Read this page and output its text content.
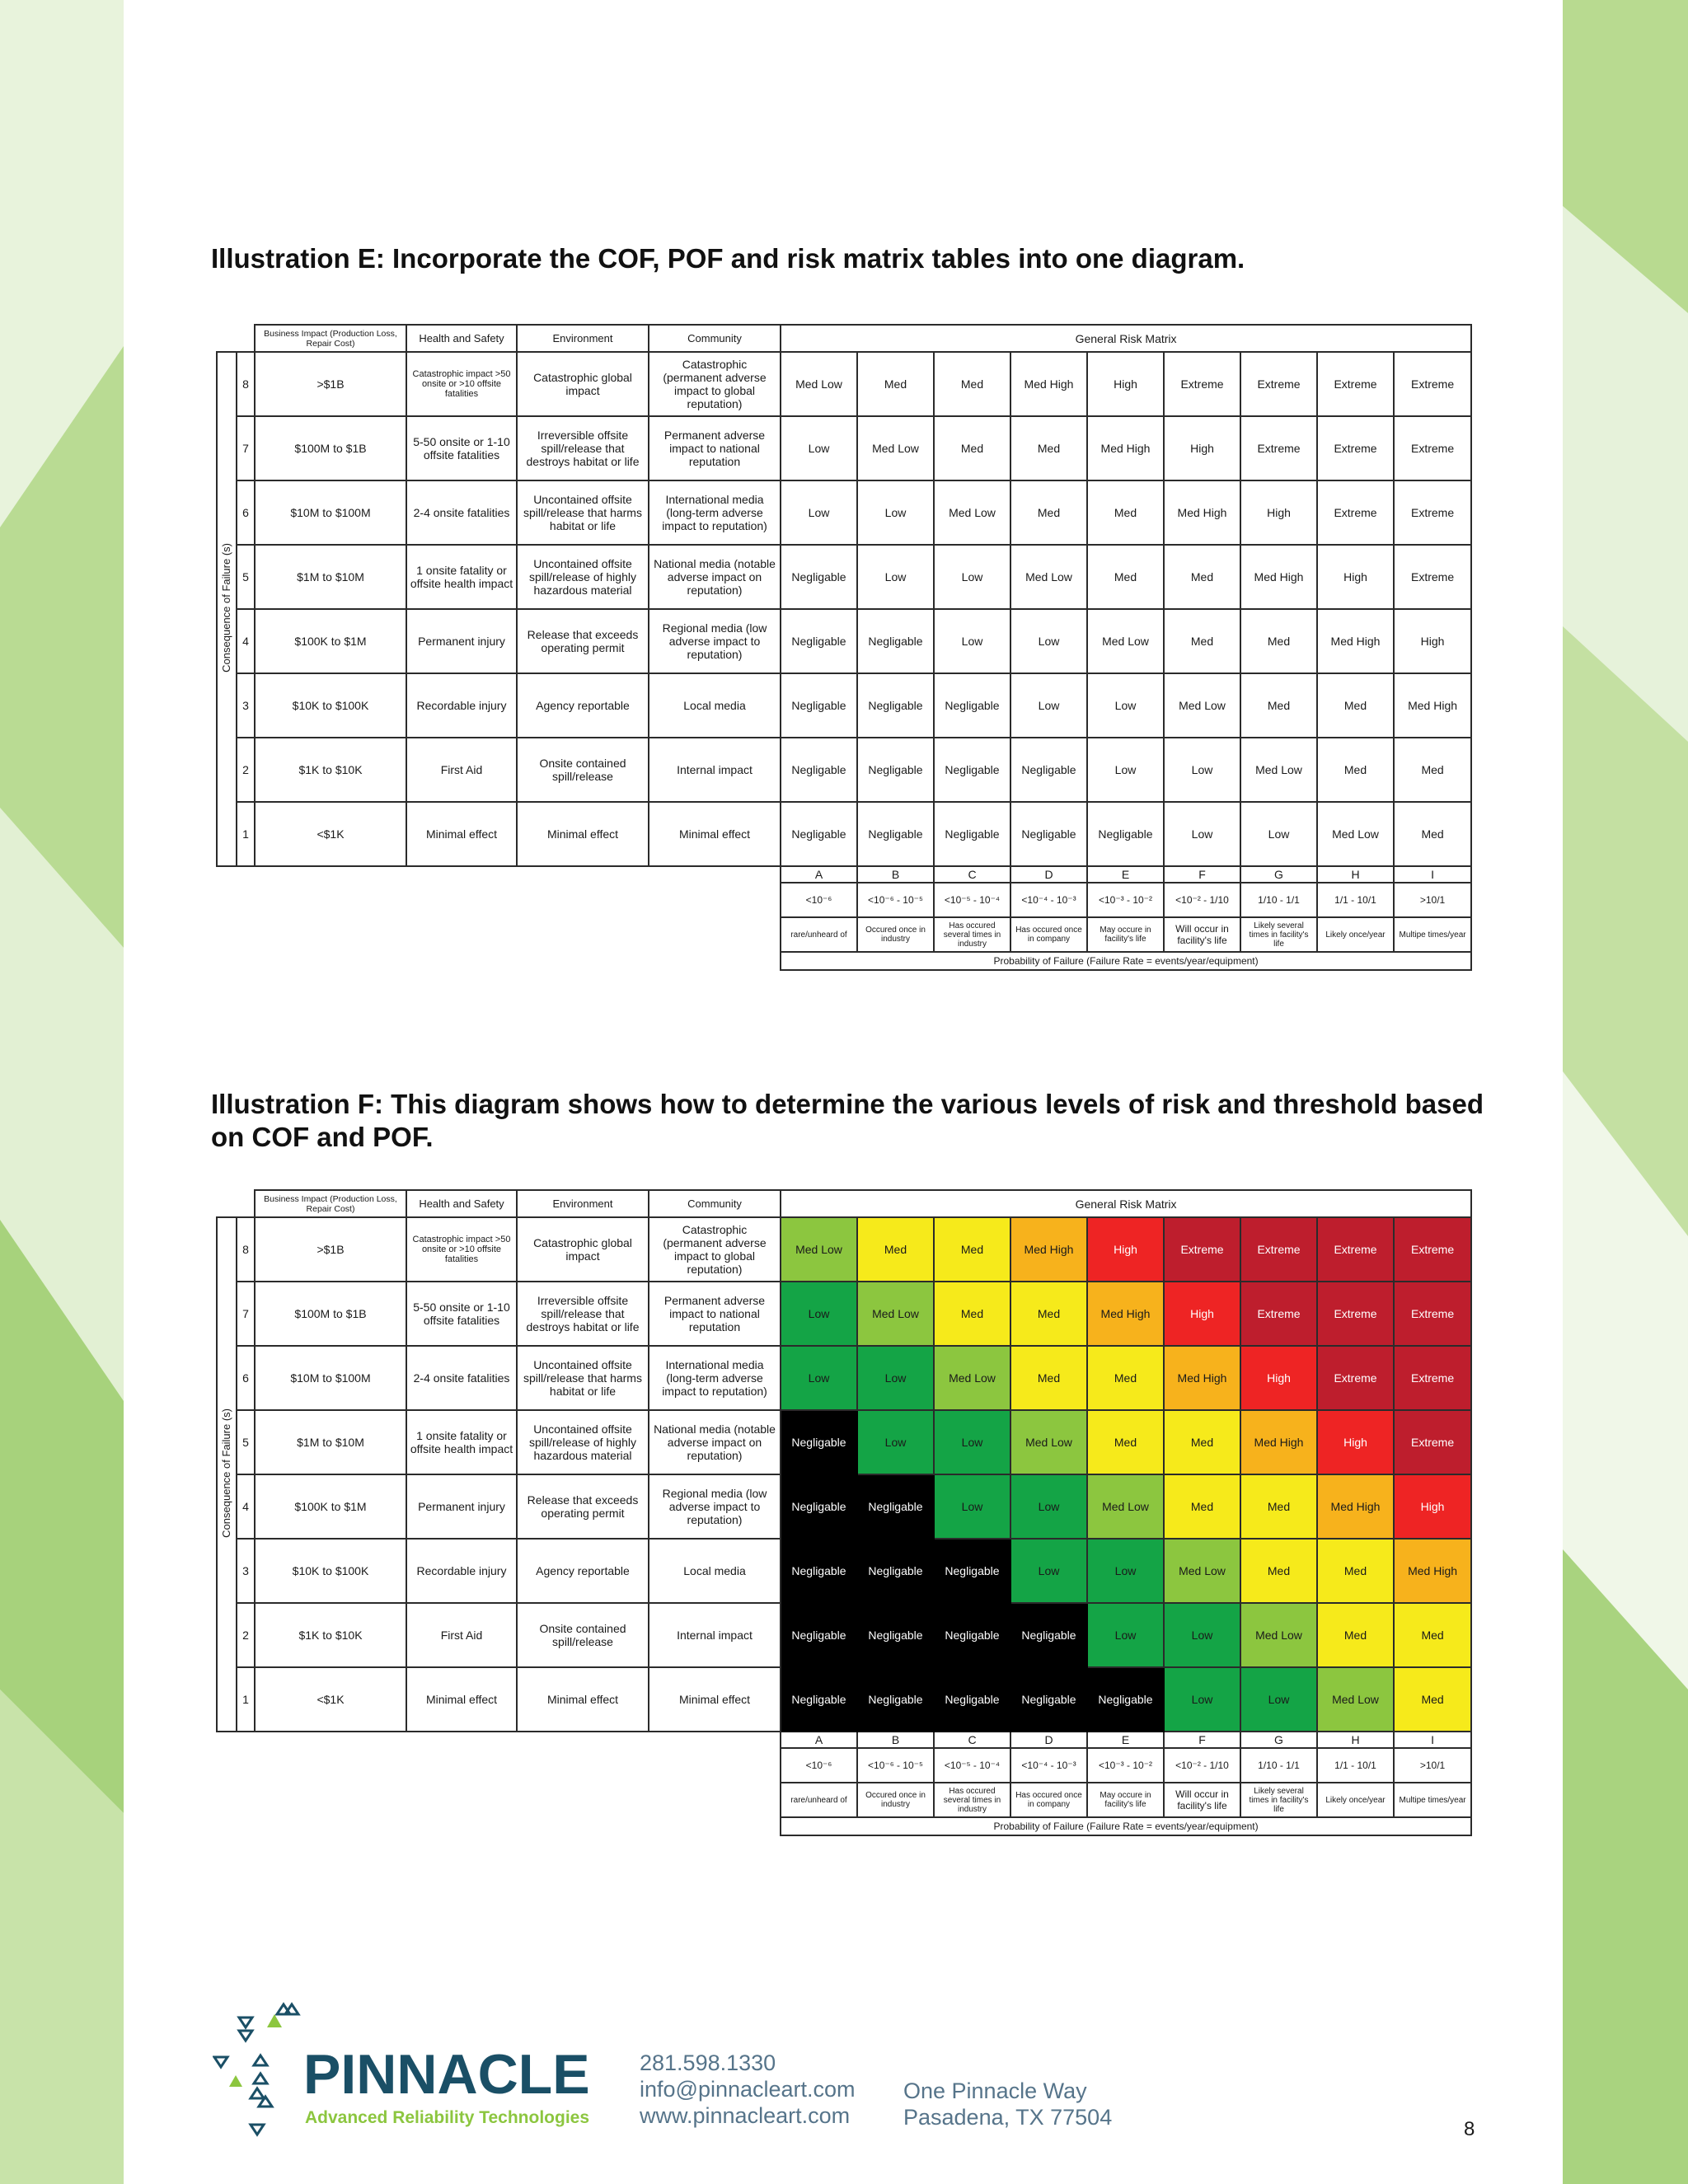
Illustration E: Incorporate the COF, POF and risk matrix tables into one diagram.
		Business Impact (Production Loss, Repair Cost)	Health and Safety	Environment	Community	General Risk Matrix								
Consequence of Failure (s)	8	>$1B	Catastrophic impact >50 onsite or >10 offsite fatalities	Catastrophic global impact	Catastrophic (permanent adverse impact to global reputation)	Med Low	Med	Med	Med High	High	Extreme	Extreme	Extreme	Extreme
	7	$100M to $1B	5-50 onsite or 1-10 offsite fatalities	Irreversible offsite spill/release that destroys habitat or life	Permanent adverse impact to national reputation	Low	Med Low	Med	Med	Med High	High	Extreme	Extreme	Extreme
	6	$10M to $100M	2-4 onsite fatalities	Uncontained offsite spill/release that harms habitat or life	International media (long-term adverse impact to reputation)	Low	Low	Med Low	Med	Med	Med High	High	Extreme	Extreme
	5	$1M to $10M	1 onsite fatality or offsite health impact	Uncontained offsite spill/release of highly hazardous material	National media (notable adverse impact on reputation)	Negligable	Low	Low	Med Low	Med	Med	Med High	High	Extreme
	4	$100K to $1M	Permanent injury	Release that exceeds operating permit	Regional media (low adverse impact to reputation)	Negligable	Negligable	Low	Low	Med Low	Med	Med	Med High	High
	3	$10K to $100K	Recordable injury	Agency reportable	Local media	Negligable	Negligable	Negligable	Low	Low	Med Low	Med	Med	Med High
	2	$1K to $10K	First Aid	Onsite contained spill/release	Internal impact	Negligable	Negligable	Negligable	Negligable	Low	Low	Med Low	Med	Med
	1	<$1K	Minimal effect	Minimal effect	Minimal effect	Negligable	Negligable	Negligable	Negligable	Negligable	Low	Low	Med Low	Med
						A	B	C	D	E	F	G	H	I
						<10⁻⁶	<10⁻⁶ - 10⁻⁵	<10⁻⁵ - 10⁻⁴	<10⁻⁴ - 10⁻³	<10⁻³ - 10⁻²	<10⁻² - 1/10	1/10 - 1/1	1/1 - 10/1	>10/1
						rare/unheard of	Occured once in industry	Has occured several times in industry	Has occured once in company	May occure in facility's life	Will occur in facility's life	Likely several times in facility's life	Likely once/year	Multipe times/year
						Probability of Failure (Failure Rate = events/year/equipment)								
Illustration F: This diagram shows how to determine the various levels of risk and threshold based on COF and POF.
		Business Impact (Production Loss, Repair Cost)	Health and Safety	Environment	Community	General Risk Matrix								
Consequence of Failure (s)	8	>$1B	Catastrophic impact >50 onsite or >10 offsite fatalities	Catastrophic global impact	Catastrophic (permanent adverse impact to global reputation)	Med Low	Med	Med	Med High	High	Extreme	Extreme	Extreme	Extreme
	7	$100M to $1B	5-50 onsite or 1-10 offsite fatalities	Irreversible offsite spill/release that destroys habitat or life	Permanent adverse impact to national reputation	Low	Med Low	Med	Med	Med High	High	Extreme	Extreme	Extreme
	6	$10M to $100M	2-4 onsite fatalities	Uncontained offsite spill/release that harms habitat or life	International media (long-term adverse impact to reputation)	Low	Low	Med Low	Med	Med	Med High	High	Extreme	Extreme
	5	$1M to $10M	1 onsite fatality or offsite health impact	Uncontained offsite spill/release of highly hazardous material	National media (notable adverse impact on reputation)	Negligable	Low	Low	Med Low	Med	Med	Med High	High	Extreme
	4	$100K to $1M	Permanent injury	Release that exceeds operating permit	Regional media (low adverse impact to reputation)	Negligable	Negligable	Low	Low	Med Low	Med	Med	Med High	High
	3	$10K to $100K	Recordable injury	Agency reportable	Local media	Negligable	Negligable	Negligable	Low	Low	Med Low	Med	Med	Med High
	2	$1K to $10K	First Aid	Onsite contained spill/release	Internal impact	Negligable	Negligable	Negligable	Negligable	Low	Low	Med Low	Med	Med
	1	<$1K	Minimal effect	Minimal effect	Minimal effect	Negligable	Negligable	Negligable	Negligable	Negligable	Low	Low	Med Low	Med
						A	B	C	D	E	F	G	H	I
						<10⁻⁶	<10⁻⁶ - 10⁻⁵	<10⁻⁵ - 10⁻⁴	<10⁻⁴ - 10⁻³	<10⁻³ - 10⁻²	<10⁻² - 1/10	1/10 - 1/1	1/1 - 10/1	>10/1
						rare/unheard of	Occured once in industry	Has occured several times in industry	Has occured once in company	May occure in facility's life	Will occur in facility's life	Likely several times in facility's life	Likely once/year	Multipe times/year
						Probability of Failure (Failure Rate = events/year/equipment)								
PINNACLE
Advanced Reliability Technologies

281.598.1330

info@pinnacleart.com

www.pinnacleart.com

One Pinnacle Way

Pasadena, TX 77504	8
